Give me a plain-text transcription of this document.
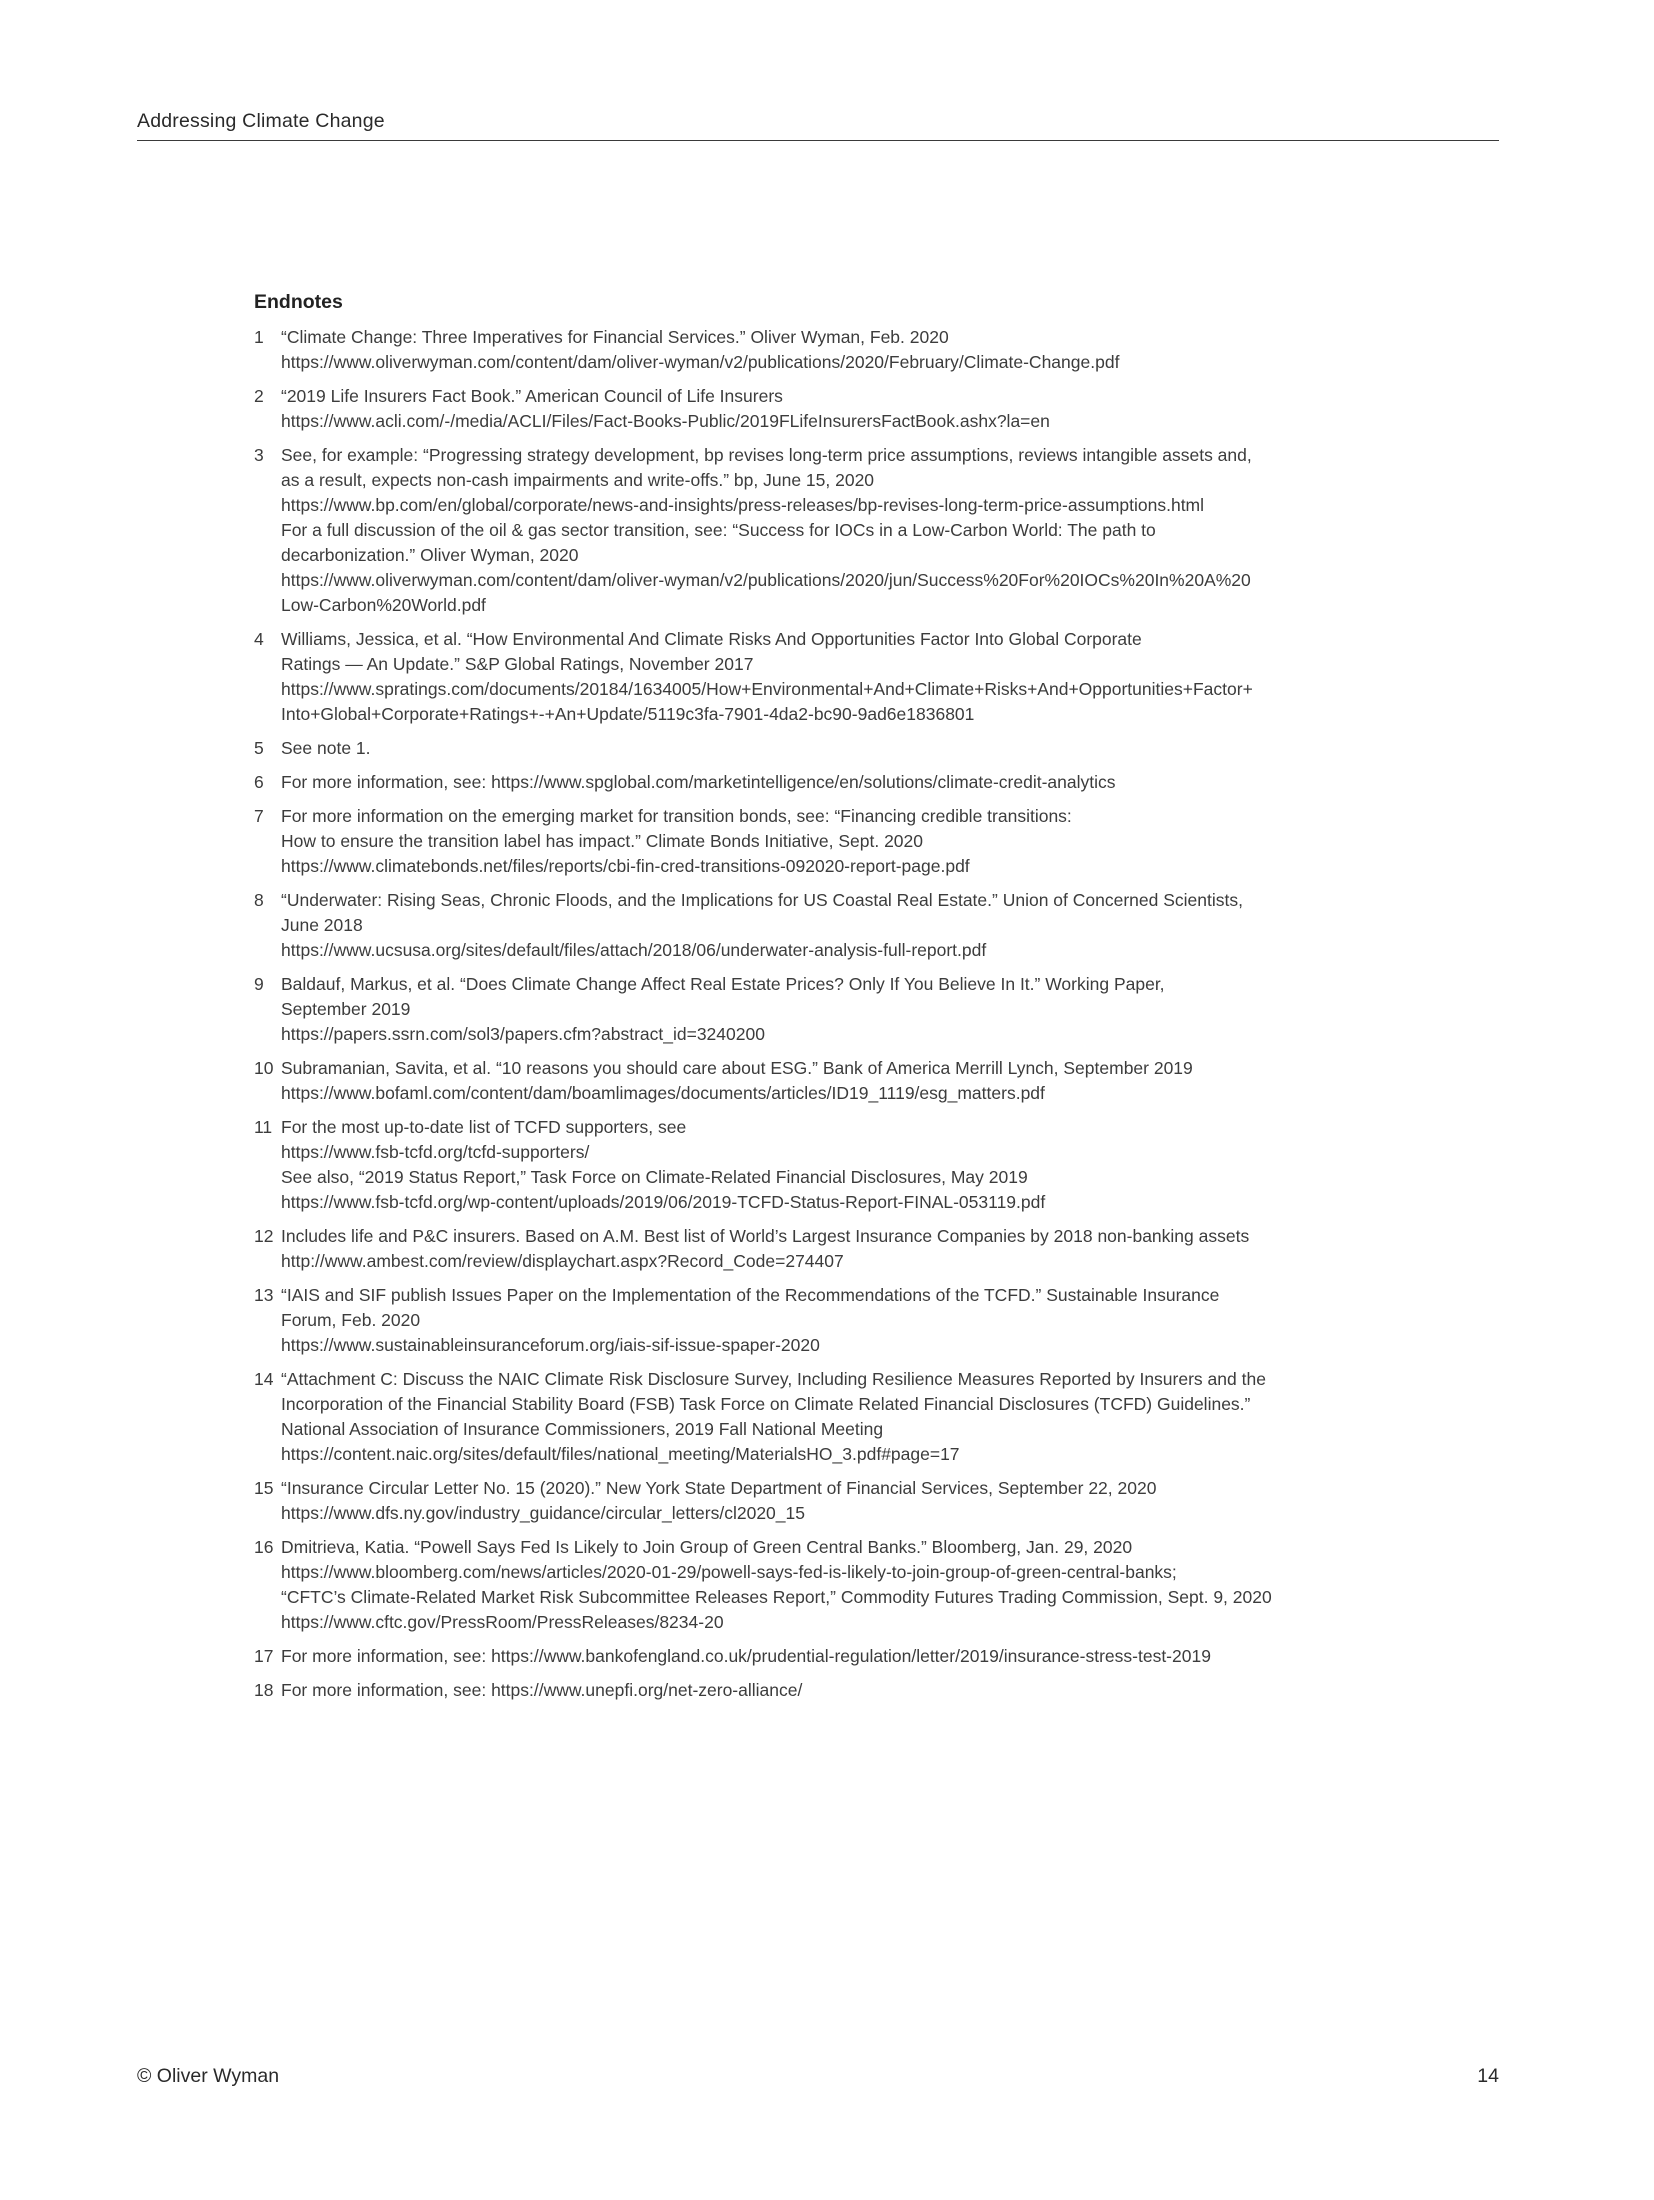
Addressing Climate Change
Endnotes
1 “Climate Change: Three Imperatives for Financial Services.” Oliver Wyman, Feb. 2020
https://www.oliverwyman.com/content/dam/oliver-wyman/v2/publications/2020/February/Climate-Change.pdf
2 “2019 Life Insurers Fact Book.” American Council of Life Insurers
https://www.acli.com/-/media/ACLI/Files/Fact-Books-Public/2019FLifeInsurersFactBook.ashx?la=en
3 See, for example: “Progressing strategy development, bp revises long-term price assumptions, reviews intangible assets and,
as a result, expects non-cash impairments and write-offs.” bp, June 15, 2020
https://www.bp.com/en/global/corporate/news-and-insights/press-releases/bp-revises-long-term-price-assumptions.html
For a full discussion of the oil & gas sector transition, see: “Success for IOCs in a Low-Carbon World: The path to
decarbonization.” Oliver Wyman, 2020
https://www.oliverwyman.com/content/dam/oliver-wyman/v2/publications/2020/jun/Success%20For%20IOCs%20In%20A%20
Low-Carbon%20World.pdf
4 Williams, Jessica, et al. “How Environmental And Climate Risks And Opportunities Factor Into Global Corporate
Ratings — An Update.” S&P Global Ratings, November 2017
https://www.spratings.com/documents/20184/1634005/How+Environmental+And+Climate+Risks+And+Opportunities+Factor+
Into+Global+Corporate+Ratings+-+An+Update/5119c3fa-7901-4da2-bc90-9ad6e1836801
5 See note 1.
6 For more information, see: https://www.spglobal.com/marketintelligence/en/solutions/climate-credit-analytics
7 For more information on the emerging market for transition bonds, see: “Financing credible transitions:
How to ensure the transition label has impact.” Climate Bonds Initiative, Sept. 2020
https://www.climatebonds.net/files/reports/cbi-fin-cred-transitions-092020-report-page.pdf
8 “Underwater: Rising Seas, Chronic Floods, and the Implications for US Coastal Real Estate.” Union of Concerned Scientists,
June 2018
https://www.ucsusa.org/sites/default/files/attach/2018/06/underwater-analysis-full-report.pdf
9 Baldauf, Markus, et al. “Does Climate Change Affect Real Estate Prices? Only If You Believe In It.” Working Paper,
September 2019
https://papers.ssrn.com/sol3/papers.cfm?abstract_id=3240200
10 Subramanian, Savita, et al. “10 reasons you should care about ESG.” Bank of America Merrill Lynch, September 2019
https://www.bofaml.com/content/dam/boamlimages/documents/articles/ID19_1119/esg_matters.pdf
11 For the most up-to-date list of TCFD supporters, see
https://www.fsb-tcfd.org/tcfd-supporters/
See also, “2019 Status Report,” Task Force on Climate-Related Financial Disclosures, May 2019
https://www.fsb-tcfd.org/wp-content/uploads/2019/06/2019-TCFD-Status-Report-FINAL-053119.pdf
12 Includes life and P&C insurers. Based on A.M. Best list of World’s Largest Insurance Companies by 2018 non-banking assets
http://www.ambest.com/review/displaychart.aspx?Record_Code=274407
13 “IAIS and SIF publish Issues Paper on the Implementation of the Recommendations of the TCFD.” Sustainable Insurance
Forum, Feb. 2020
https://www.sustainableinsuranceforum.org/iais-sif-issue-spaper-2020
14 “Attachment C: Discuss the NAIC Climate Risk Disclosure Survey, Including Resilience Measures Reported by Insurers and the
Incorporation of the Financial Stability Board (FSB) Task Force on Climate Related Financial Disclosures (TCFD) Guidelines.”
National Association of Insurance Commissioners, 2019 Fall National Meeting
https://content.naic.org/sites/default/files/national_meeting/MaterialsHO_3.pdf#page=17
15 “Insurance Circular Letter No. 15 (2020).” New York State Department of Financial Services, September 22, 2020
https://www.dfs.ny.gov/industry_guidance/circular_letters/cl2020_15
16 Dmitrieva, Katia. “Powell Says Fed Is Likely to Join Group of Green Central Banks.” Bloomberg, Jan. 29, 2020
https://www.bloomberg.com/news/articles/2020-01-29/powell-says-fed-is-likely-to-join-group-of-green-central-banks;
“CFTC’s Climate-Related Market Risk Subcommittee Releases Report,” Commodity Futures Trading Commission, Sept. 9, 2020
https://www.cftc.gov/PressRoom/PressReleases/8234-20
17 For more information, see: https://www.bankofengland.co.uk/prudential-regulation/letter/2019/insurance-stress-test-2019
18 For more information, see: https://www.unepfi.org/net-zero-alliance/
© Oliver Wyman	14
